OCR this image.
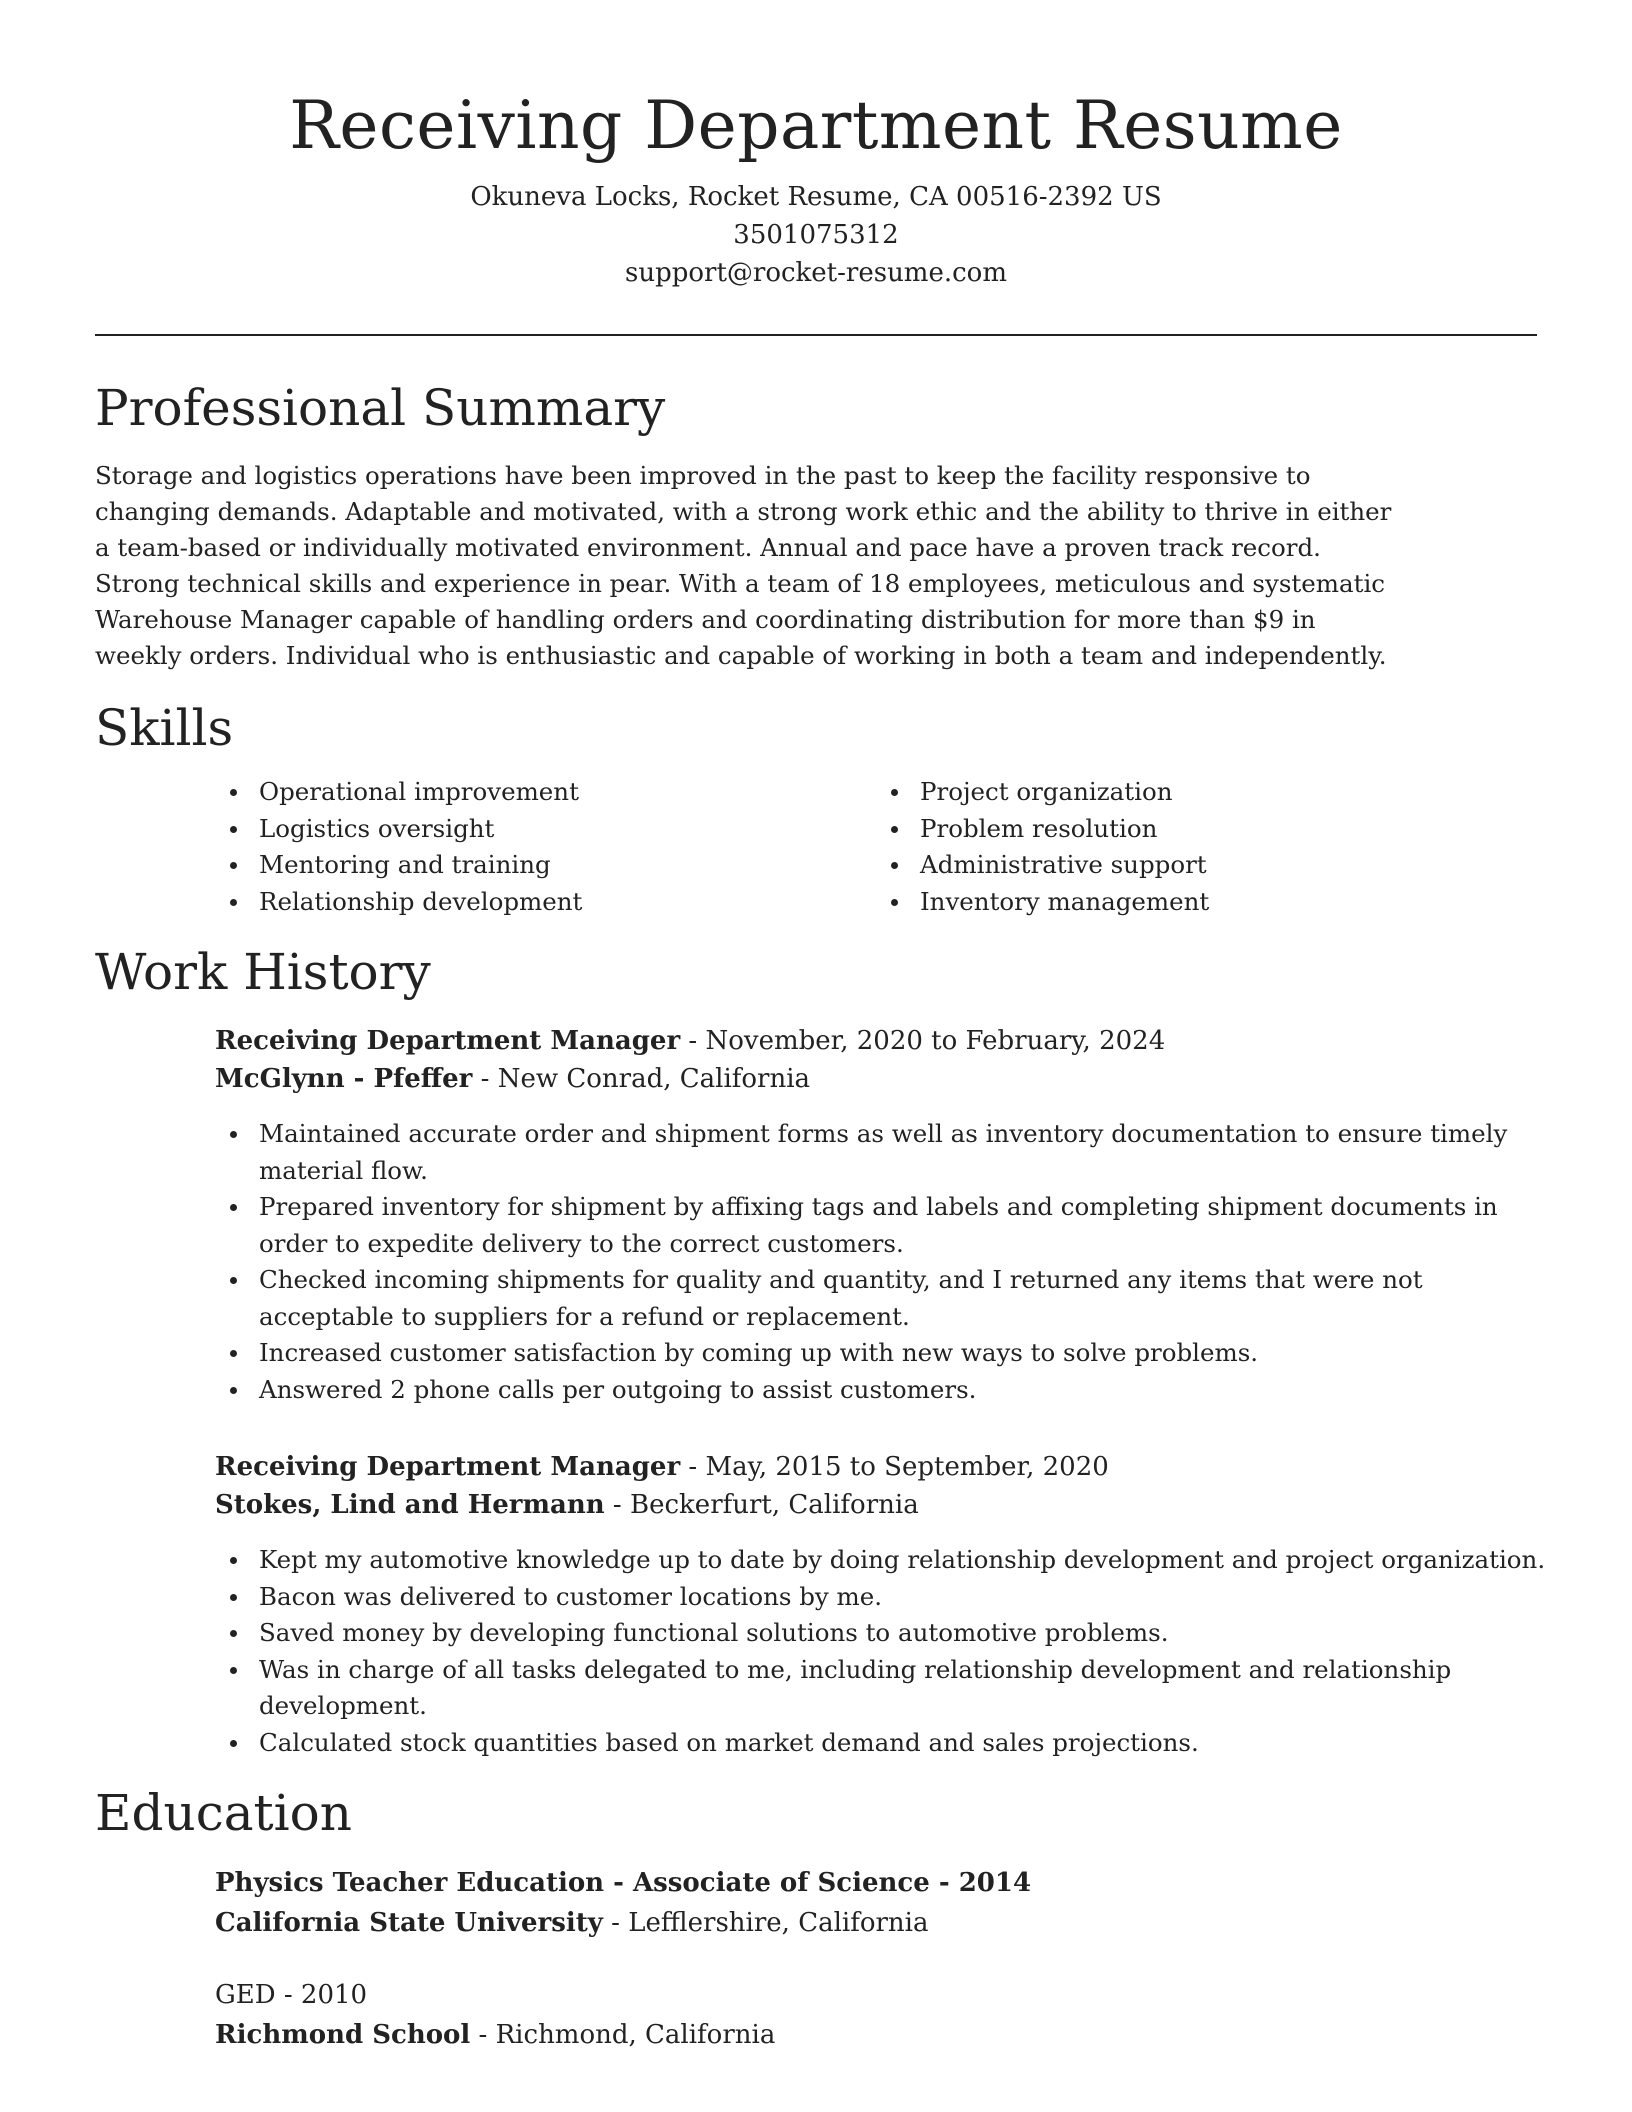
Receiving Department Resume

Okuneva Locks, Rocket Resume, CA 00516-2392 US

3501075312

support@rocket-resume.com

Professional Summary

Storage and logistics operations have been improved in the past to keep the facility responsive to changing demands. Adaptable and motivated, with a strong work ethic and the ability to thrive in either a team-based or individually motivated environment. Annual and pace have a proven track record. Strong technical skills and experience in pear. With a team of 18 employees, meticulous and systematic Warehouse Manager capable of handling orders and coordinating distribution for more than $9 in weekly orders. Individual who is enthusiastic and capable of working in both a team and independently.

Skills
Operational improvement
Logistics oversight
Mentoring and training
Relationship development
Project organization
Problem resolution
Administrative support
Inventory management
Work History

Receiving Department Manager - November, 2020 to February, 2024

McGlynn - Pfeffer - New Conrad, California

Maintained accurate order and shipment forms as well as inventory documentation to ensure timely material flow.
Prepared inventory for shipment by affixing tags and labels and completing shipment documents in order to expedite delivery to the correct customers.
Checked incoming shipments for quality and quantity, and I returned any items that were not acceptable to suppliers for a refund or replacement.
Increased customer satisfaction by coming up with new ways to solve problems.
Answered 2 phone calls per outgoing to assist customers.

Receiving Department Manager - May, 2015 to September, 2020

Stokes, Lind and Hermann - Beckerfurt, California

Kept my automotive knowledge up to date by doing relationship development and project organization.
Bacon was delivered to customer locations by me.
Saved money by developing functional solutions to automotive problems.
Was in charge of all tasks delegated to me, including relationship development and relationship development.
Calculated stock quantities based on market demand and sales projections.
Education

Physics Teacher Education - Associate of Science - 2014

California State University - Lefflershire, California

GED - 2010

Richmond School - Richmond, California
